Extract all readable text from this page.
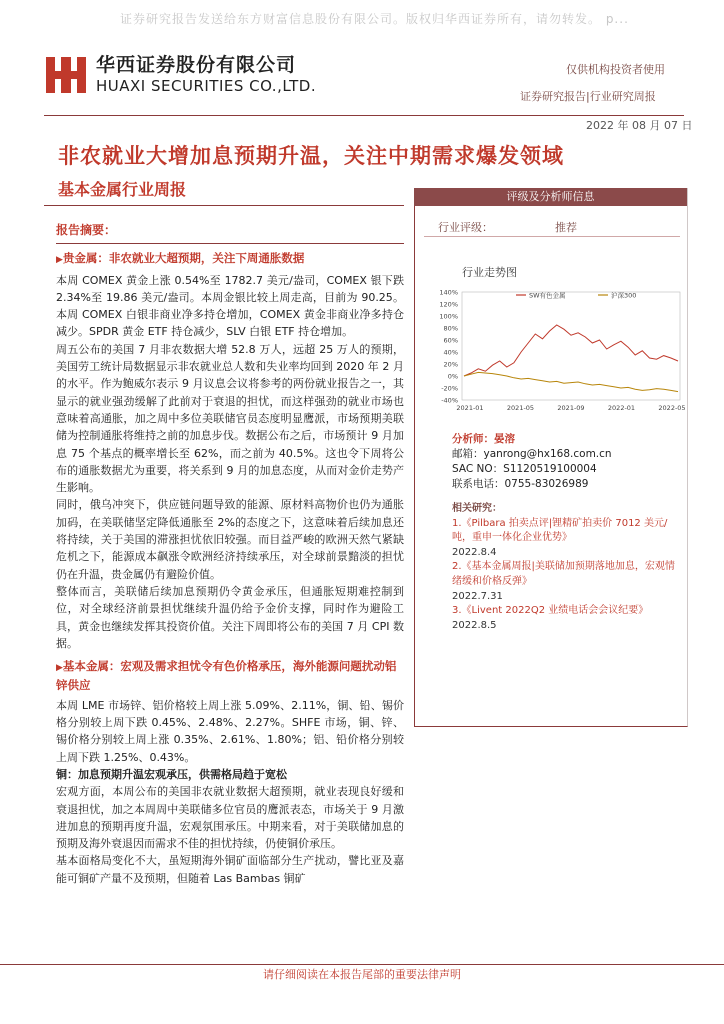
证券研究报告发送给东方财富信息股份有限公司。版权归华西证券所有，请勿转发。 p...
华西证券股份有限公司
HUAXI SECURITIES CO.,LTD.
仅供机构投资者使用
证券研究报告|行业研究周报
2022 年 08 月 07 日
非农就业大增加息预期升温，关注中期需求爆发领域
基本金属行业周报
报告摘要：
▶贵金属：非农就业大超预期，关注下周通胀数据

本周 COMEX 黄金上涨 0.54%至 1782.7 美元/盎司，COMEX 银下跌 2.34%至 19.86 美元/盎司。本周金银比较上周走高，目前为 90.25。本周 COMEX 白银非商业净多持仓增加，COMEX 黄金非商业净多持仓减少。SPDR 黄金 ETF 持仓减少，SLV 白银 ETF 持仓增加。

周五公布的美国 7 月非农数据大增 52.8 万人，远超 25 万人的预期，美国劳工统计局数据显示非农就业总人数和失业率均回到 2020 年 2 月的水平。作为鲍威尔表示 9 月议息会议将参考的两份就业报告之一，其显示的就业强劲缓解了此前对于衰退的担忧，而这样强劲的就业市场也意味着高通胀，加之周中多位美联储官员态度明显鹰派，市场预期美联储为控制通胀将维持之前的加息步伐。数据公布之后，市场预计 9 月加息 75 个基点的概率增长至 62%，而之前为 40.5%。这也令下周将公布的通胀数据尤为重要，将关系到 9 月的加息态度，从而对金价走势产生影响。

同时，俄乌冲突下，供应链问题导致的能源、原材料高物价也仍为通胀加码，在美联储坚定降低通胀至 2%的态度之下，这意味着后续加息还将持续，关于美国的滞涨担忧依旧较强。而目益严峻的欧洲天然气紧缺危机之下，能源成本飙涨令欧洲经济持续承压，对全球前景黯淡的担忧仍在升温，贵金属仍有避险价值。

整体而言，美联储后续加息预期仍令黄金承压，但通胀短期难控制到位，对全球经济前景担忧继续升温仍给予金价支撑，同时作为避险工具，黄金也继续发挥其投资价值。关注下周即将公布的美国 7 月 CPI 数据。

▶基本金属：宏观及需求担忧令有色价格承压，海外能源问题扰动铝锌供应

本周 LME 市场锌、铝价格较上周上涨 5.09%、2.11%，铜、铅、锡价格分别较上周下跌 0.45%、2.48%、2.27%。SHFE 市场，铜、锌、锡价格分别较上周上涨 0.35%、2.61%、1.80%；铝、铅价格分别较上周下跌 1.25%、0.43%。

铜：加息预期升温宏观承压，供需格局趋于宽松

宏观方面，本周公布的美国非农就业数据大超预期，就业表现良好缓和衰退担忧，加之本周周中美联储多位官员的鹰派表态，市场关于 9 月激进加息的预期再度升温，宏观氛围承压。中期来看，对于美联储加息的预期及海外衰退因而需求不佳的担忧持续，仍使铜价承压。

基本面格局变化不大，虽短期海外铜矿面临部分生产扰动，譬比亚及嘉能可铜矿产量不及预期，但随着 Las Bambas 铜矿

评级及分析师信息
行业评级：	推荐
行业走势图
140%
120%
100%
80%
60%
40%
20%
0%
-20%
-40%
2021-01	2021-05	2021-09	2022-01	2022-05
SW有色金属	沪深300
分析师：晏溶
邮箱：yanrong@hx168.com.cn
SAC NO：S1120519100004
联系电话：0755-83026989
相关研究：
1.《Pilbara 拍卖点评|锂精矿拍卖价 7012 美元/吨，重申一体化企业优势》
2022.8.4
2.《基本金属周报|美联储加预期落地加息，宏观情绪缓和价格反弹》
2022.7.31
3.《Livent 2022Q2 业绩电话会会议纪要》
2022.8.5
请仔细阅读在本报告尾部的重要法律声明
